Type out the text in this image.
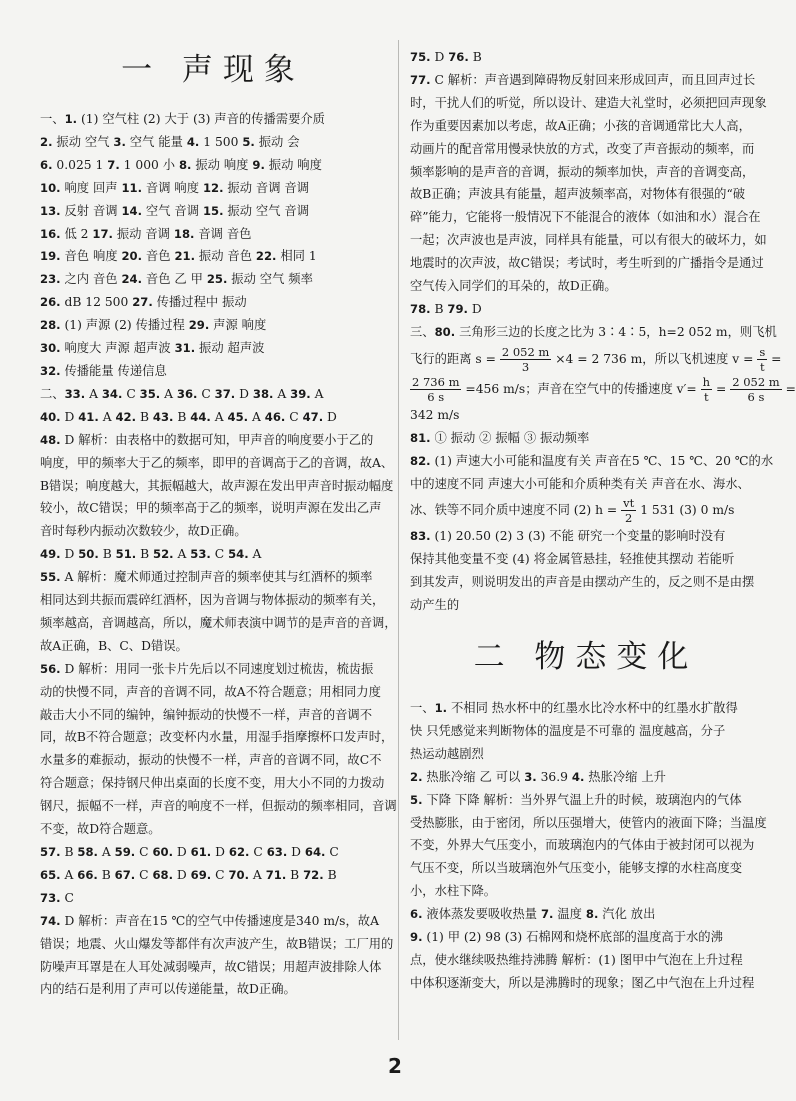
一 声现象
一、1. (1) 空气柱 (2) 大于 (3) 声音的传播需要介质
2. 振动 空气 3. 空气 能量 4. 1 500 5. 振动 会
6. 0.025 1 7. 1 000 小 8. 振动 响度 9. 振动 响度
10. 响度 回声 11. 音调 响度 12. 振动 音调 音调
13. 反射 音调 14. 空气 音调 15. 振动 空气 音调
16. 低 2 17. 振动 音调 18. 音调 音色
19. 音色 响度 20. 音色 21. 振动 音色 22. 相同 1
23. 之内 音色 24. 音色 乙 甲 25. 振动 空气 频率
26. dB 12 500 27. 传播过程中 振动
28. (1) 声源 (2) 传播过程 29. 声源 响度
30. 响度大 声源 超声波 31. 振动 超声波
32. 传播能量 传递信息
二、33. A 34. C 35. A 36. C 37. D 38. A 39. A
40. D 41. A 42. B 43. B 44. A 45. A 46. C 47. D
48. D 解析：由表格中的数据可知，甲声音的响度要小于乙的
响度，甲的频率大于乙的频率，即甲的音调高于乙的音调，故A、
B错误；响度越大，其振幅越大，故声源在发出甲声音时振动幅度
较小，故C错误；甲的频率高于乙的频率，说明声源在发出乙声
音时每秒内振动次数较少，故D正确。
49. D 50. B 51. B 52. A 53. C 54. A
55. A 解析：魔术师通过控制声音的频率使其与红酒杯的频率
相同达到共振而震碎红酒杯，因为音调与物体振动的频率有关，
频率越高，音调越高，所以，魔术师表演中调节的是声音的音调，
故A正确，B、C、D错误。
56. D 解析：用同一张卡片先后以不同速度划过梳齿，梳齿振
动的快慢不同，声音的音调不同，故A不符合题意；用相同力度
敲击大小不同的编钟，编钟振动的快慢不一样，声音的音调不
同，故B不符合题意；改变杯内水量，用湿手指摩擦杯口发声时，
水量多的难振动，振动的快慢不一样，声音的音调不同，故C不
符合题意；保持钢尺伸出桌面的长度不变，用大小不同的力拨动
钢尺，振幅不一样，声音的响度不一样，但振动的频率相同，音调
不变，故D符合题意。
57. B 58. A 59. C 60. D 61. D 62. C 63. D 64. C
65. A 66. B 67. C 68. D 69. C 70. A 71. B 72. B
73. C
74. D 解析：声音在15 ℃的空气中传播速度是340 m/s，故A
错误；地震、火山爆发等都伴有次声波产生，故B错误；工厂用的
防噪声耳罩是在人耳处减弱噪声，故C错误；用超声波排除人体
内的结石是利用了声可以传递能量，故D正确。
75. D 76. B
77. C 解析：声音遇到障碍物反射回来形成回声，而且回声过长
时，干扰人们的听觉，所以设计、建造大礼堂时，必须把回声现象
作为重要因素加以考虑，故A正确；小孩的音调通常比大人高，
动画片的配音常用慢录快放的方式，改变了声音振动的频率，而
频率影响的是声音的音调，振动的频率加快，声音的音调变高，
故B正确；声波具有能量，超声波频率高，对物体有很强的“破
碎”能力，它能将一般情况下不能混合的液体（如油和水）混合在
一起；次声波也是声波，同样具有能量，可以有很大的破坏力，如
地震时的次声波，故C错误；考试时，考生听到的广播指令是通过
空气传入同学们的耳朵的，故D正确。
78. B 79. D
三、80. 三角形三边的长度之比为 3∶4∶5，h=2 052 m，则飞机
飞行的距离 $s = \frac{2 052 m}{3} \times 4 = 2$ 736 m，所以飞机速度 $v = \frac{s}{t}$ =
$\frac{2 736 m}{6 s} =456$ m/s；声音在空气中的传播速度 $v'= \frac{h}{t} = \frac{2 052 m}{6 s}$ =
342 m/s
81. ① 振动 ② 振幅 ③ 振动频率
82. (1) 声速大小可能和温度有关 声音在5 ℃、15 ℃、20 ℃的水
中的速度不同 声速大小可能和介质种类有关 声音在水、海水、
冰、铁等不同介质中速度不同 (2) $h = \frac{vt}{2} 1$ 531 (3) 0 m/s
83. (1) 20.50 (2) 3 (3) 不能 研究一个变量的影响时没有
保持其他变量不变 (4) 将金属管悬挂，轻推使其摆动 若能听
到其发声，则说明发出的声音是由摆动产生的，反之则不是由摆
动产生的
二 物态变化
一、1. 不相同 热水杯中的红墨水比冷水杯中的红墨水扩散得
快 只凭感觉来判断物体的温度是不可靠的 温度越高，分子
热运动越剧烈
2. 热胀冷缩 乙 可以 3. 36.9 4. 热胀冷缩 上升
5. 下降 下降 解析：当外界气温上升的时候，玻璃泡内的气体
受热膨胀，由于密闭，所以压强增大，使管内的液面下降；当温度
不变，外界大气压变小，而玻璃泡内的气体由于被封闭可以视为
气压不变，所以当玻璃泡外气压变小，能够支撑的水柱高度变
小，水柱下降。
6. 液体蒸发要吸收热量 7. 温度 8. 汽化 放出
9. (1) 甲 (2) 98 (3) 石棉网和烧杯底部的温度高于水的沸
点，使水继续吸热维持沸腾 解析：(1) 图甲中气泡在上升过程
中体积逐渐变大，所以是沸腾时的现象；图乙中气泡在上升过程
2
